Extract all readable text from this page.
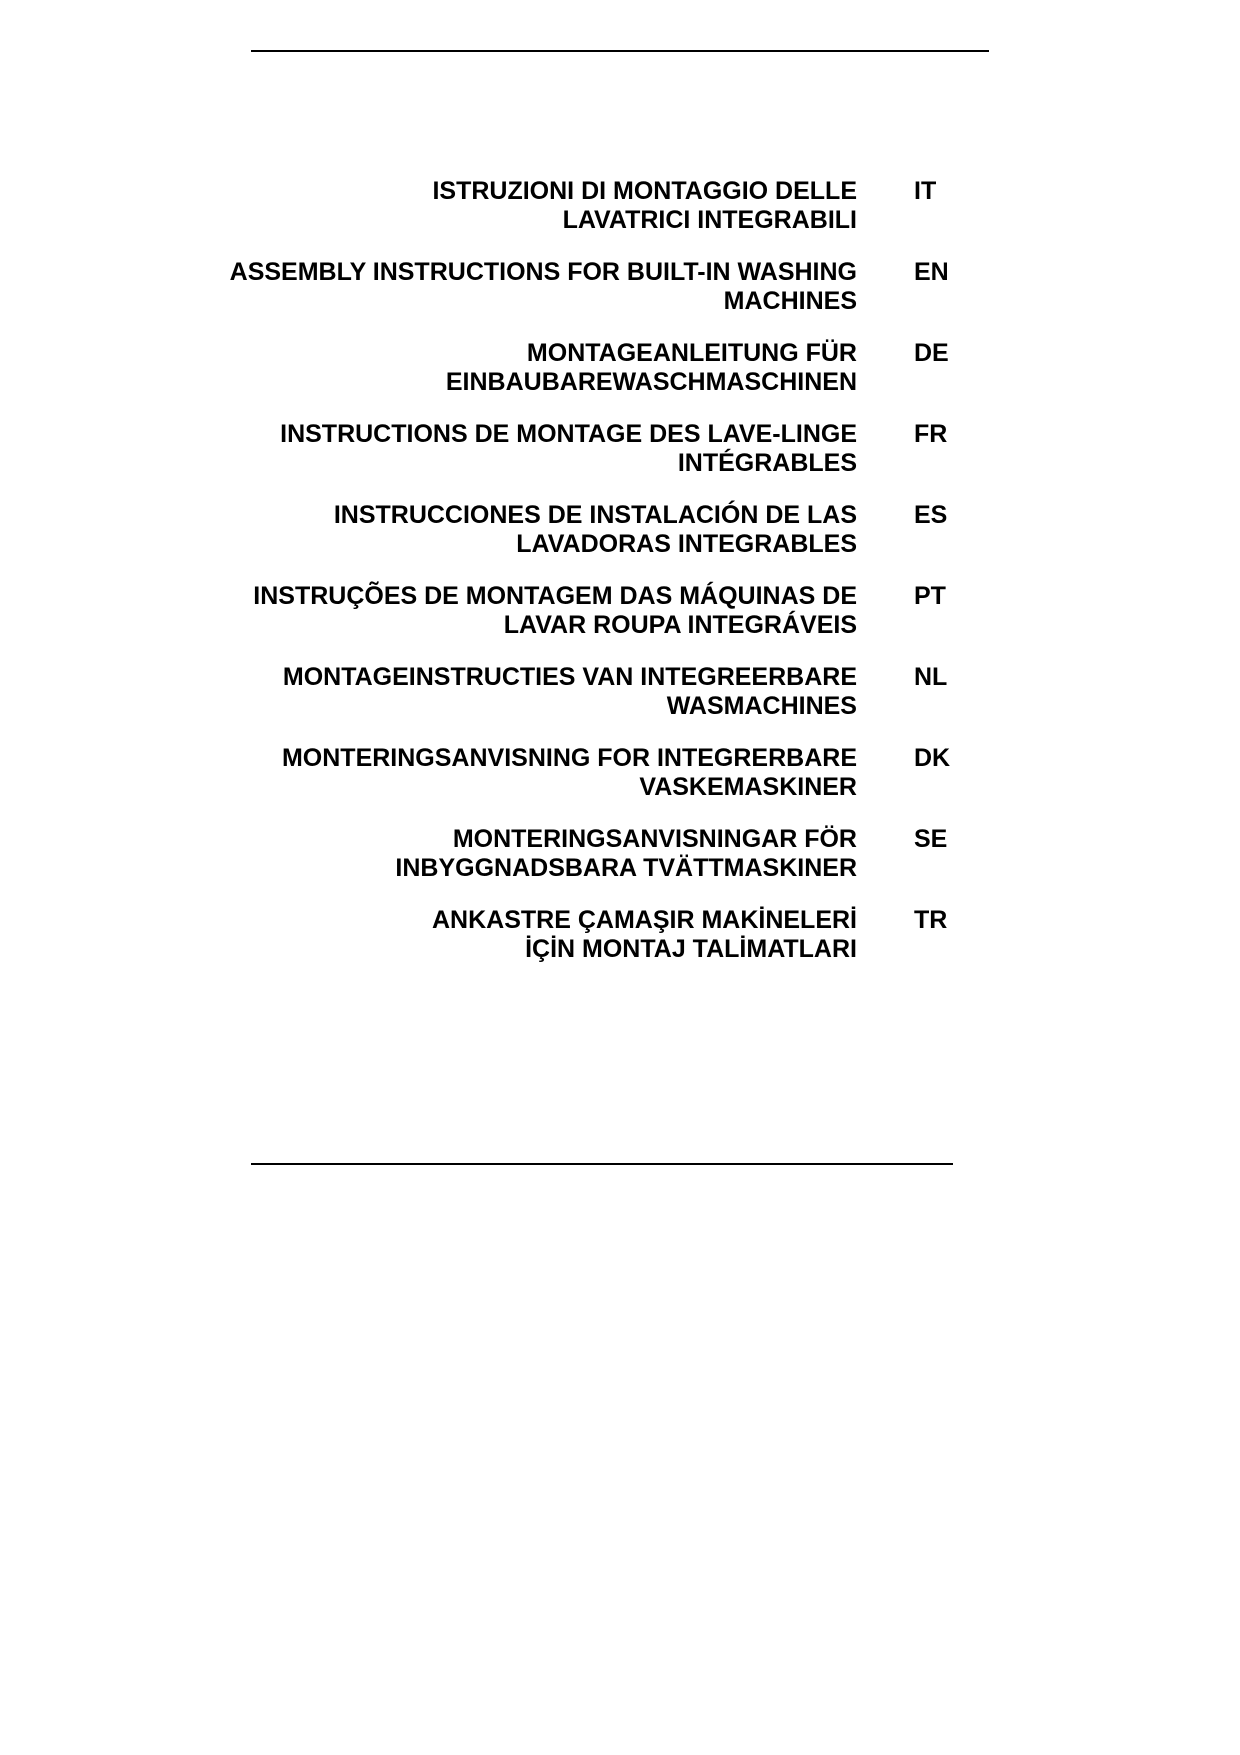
ISTRUZIONI DI MONTAGGIO DELLE
LAVATRICI INTEGRABILI
IT
ASSEMBLY INSTRUCTIONS FOR BUILT-IN WASHING
MACHINES
EN
MONTAGEANLEITUNG FÜR
EINBAUBAREWASCHMASCHINEN
DE
INSTRUCTIONS DE MONTAGE DES LAVE-LINGE
INTÉGRABLES
FR
INSTRUCCIONES DE INSTALACIÓN DE LAS
LAVADORAS INTEGRABLES
ES
INSTRUÇÕES DE MONTAGEM DAS MÁQUINAS DE
LAVAR ROUPA INTEGRÁVEIS
PT
MONTAGEINSTRUCTIES VAN INTEGREERBARE
WASMACHINES
NL
MONTERINGSANVISNING FOR INTEGRERBARE
VASKEMASKINER
DK
MONTERINGSANVISNINGAR FÖR
INBYGGNADSBARA TVÄTTMASKINER
SE
ANKASTRE ÇAMAŞIR MAKİNELERİ
İÇİN MONTAJ TALİMATLARI
TR
